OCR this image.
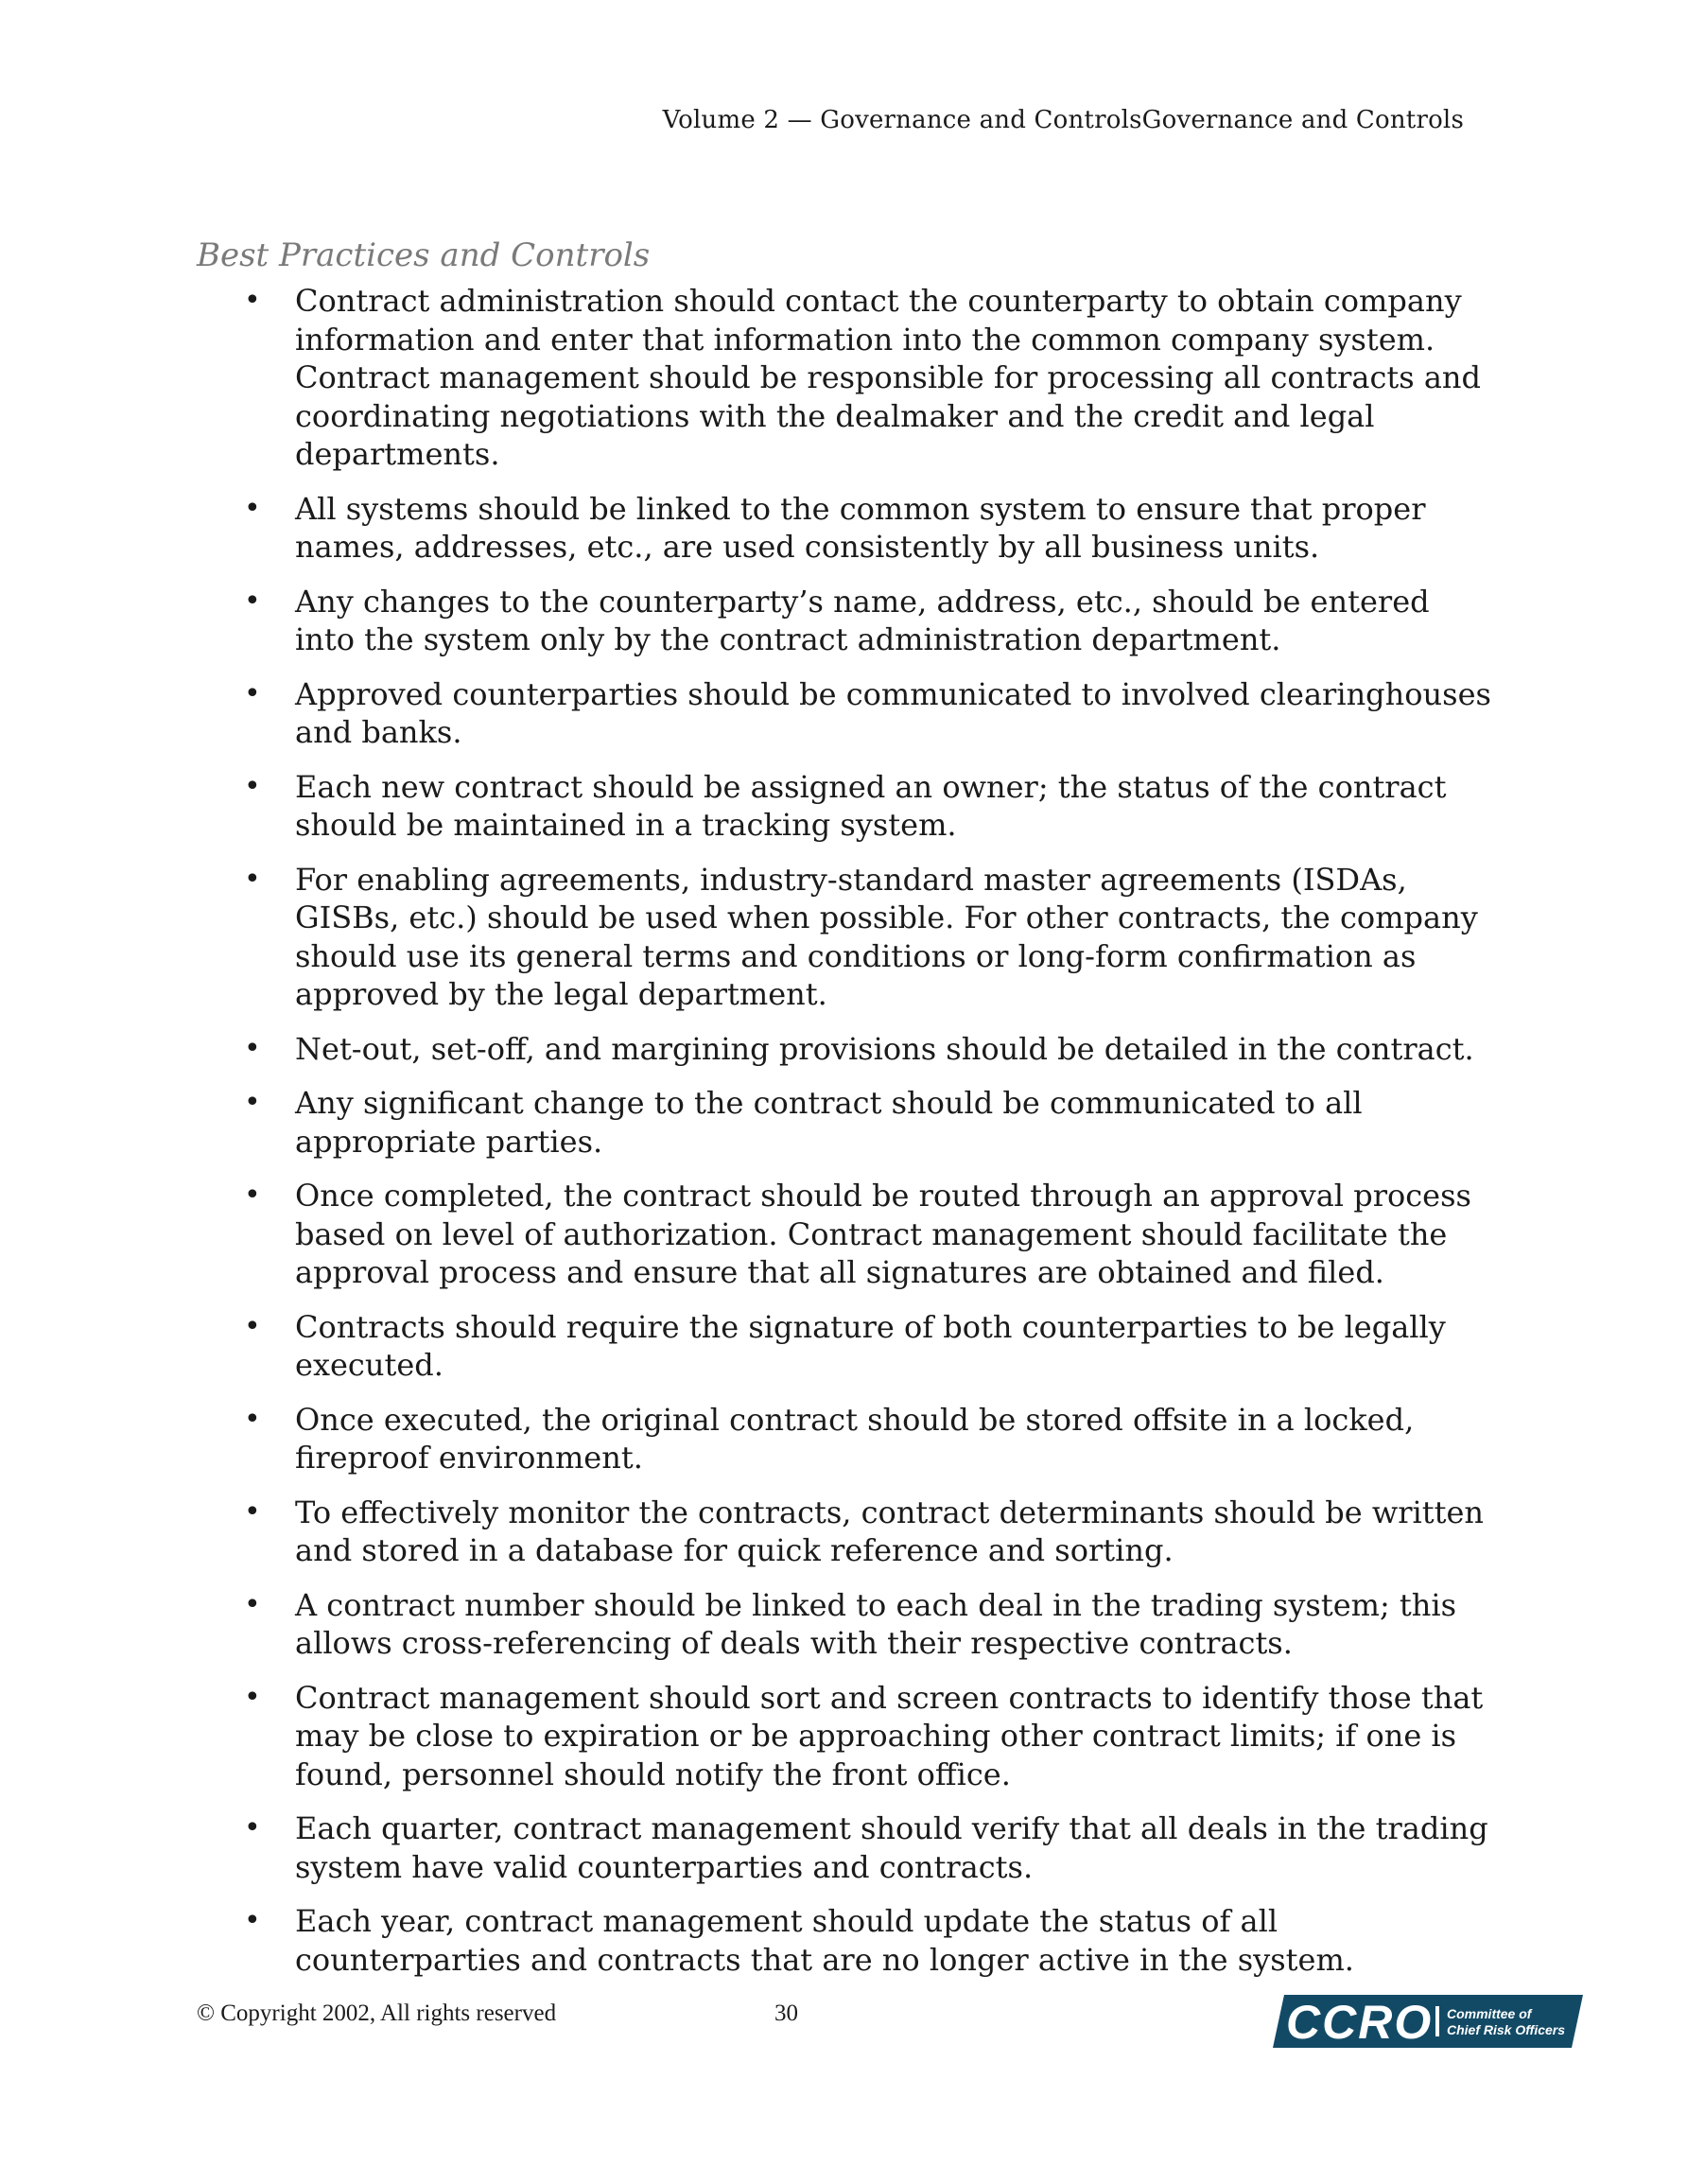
Volume 2 — Governance and ControlsGovernance and Controls
Best Practices and Controls
• Contract administration should contact the counterparty to obtain company information and enter that information into the common company system. Contract management should be responsible for processing all contracts and coordinating negotiations with the dealmaker and the credit and legal departments.
• All systems should be linked to the common system to ensure that proper names, addresses, etc., are used consistently by all business units.
• Any changes to the counterparty’s name, address, etc., should be entered into the system only by the contract administration department.
• Approved counterparties should be communicated to involved clearinghouses and banks.
• Each new contract should be assigned an owner; the status of the contract should be maintained in a tracking system.
• For enabling agreements, industry-standard master agreements (ISDAs, GISBs, etc.) should be used when possible. For other contracts, the company should use its general terms and conditions or long-form confirmation as approved by the legal department.
• Net-out, set-off, and margining provisions should be detailed in the contract.
• Any significant change to the contract should be communicated to all appropriate parties.
• Once completed, the contract should be routed through an approval process based on level of authorization. Contract management should facilitate the approval process and ensure that all signatures are obtained and filed.
• Contracts should require the signature of both counterparties to be legally executed.
• Once executed, the original contract should be stored offsite in a locked, fireproof environment.
• To effectively monitor the contracts, contract determinants should be written and stored in a database for quick reference and sorting.
• A contract number should be linked to each deal in the trading system; this allows cross-referencing of deals with their respective contracts.
• Contract management should sort and screen contracts to identify those that may be close to expiration or be approaching other contract limits; if one is found, personnel should notify the front office.
• Each quarter, contract management should verify that all deals in the trading system have valid counterparties and contracts.
• Each year, contract management should update the status of all counterparties and contracts that are no longer active in the system.
© Copyright 2002, All rights reserved	30	CCRO Committee of
Chief Risk Officers
